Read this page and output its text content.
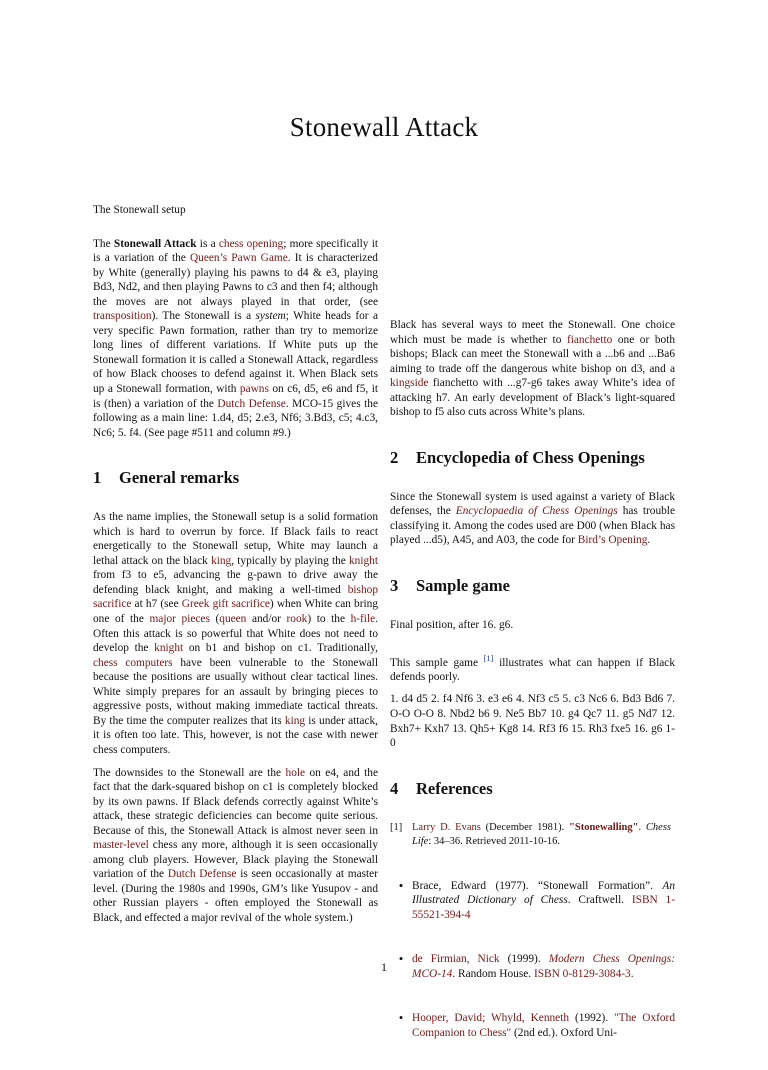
Stonewall Attack

The Stonewall setup

The Stonewall Attack is a chess opening; more specifically it is a variation of the Queen’s Pawn Game. It is characterized by White (generally) playing his pawns to d4 & e3, playing Bd3, Nd2, and then playing Pawns to c3 and then f4; although the moves are not always played in that order, (see transposition). The Stonewall is a system; White heads for a very specific Pawn formation, rather than try to memorize long lines of different variations. If White puts up the Stonewall formation it is called a Stonewall Attack, regardless of how Black chooses to defend against it. When Black sets up a Stonewall formation, with pawns on c6, d5, e6 and f5, it is (then) a variation of the Dutch Defense. MCO-15 gives the following as a main line: 1.d4, d5; 2.e3, Nf6; 3.Bd3, c5; 4.c3, Nc6; 5. f4. (See page #511 and column #9.)

1 General remarks

As the name implies, the Stonewall setup is a solid formation which is hard to overrun by force. If Black fails to react energetically to the Stonewall setup, White may launch a lethal attack on the black king, typically by playing the knight from f3 to e5, advancing the g-pawn to drive away the defending black knight, and making a well-timed bishop sacrifice at h7 (see Greek gift sacrifice) when White can bring one of the major pieces (queen and/or rook) to the h-file. Often this attack is so powerful that White does not need to develop the knight on b1 and bishop on c1. Traditionally, chess computers have been vulnerable to the Stonewall because the positions are usually without clear tactical lines. White simply prepares for an assault by bringing pieces to aggressive posts, without making immediate tactical threats. By the time the computer realizes that its king is under attack, it is often too late. This, however, is not the case with newer chess computers.

The downsides to the Stonewall are the hole on e4, and the fact that the dark-squared bishop on c1 is completely blocked by its own pawns. If Black defends correctly against White’s attack, these strategic deficiencies can become quite serious. Because of this, the Stonewall Attack is almost never seen in master-level chess any more, although it is seen occasionally among club players. However, Black playing the Stonewall variation of the Dutch Defense is seen occasionally at master level. (During the 1980s and 1990s, GM’s like Yusupov - and other Russian players - often employed the Stonewall as Black, and effected a major revival of the whole system.)

Black has several ways to meet the Stonewall. One choice which must be made is whether to fianchetto one or both bishops; Black can meet the Stonewall with a ...b6 and ...Ba6 aiming to trade off the dangerous white bishop on d3, and a kingside fianchetto with ...g7-g6 takes away White’s idea of attacking h7. An early development of Black’s light-squared bishop to f5 also cuts across White’s plans.

2 Encyclopedia of Chess Openings

Since the Stonewall system is used against a variety of Black defenses, the Encyclopaedia of Chess Openings has trouble classifying it. Among the codes used are D00 (when Black has played ...d5), A45, and A03, the code for Bird’s Opening.

3 Sample game

Final position, after 16. g6.

This sample game [1] illustrates what can happen if Black defends poorly.

1. d4 d5 2. f4 Nf6 3. e3 e6 4. Nf3 c5 5. c3 Nc6 6. Bd3 Bd6 7. O-O O-O 8. Nbd2 b6 9. Ne5 Bb7 10. g4 Qc7 11. g5 Nd7 12. Bxh7+ Kxh7 13. Qh5+ Kg8 14. Rf3 f6 15. Rh3 fxe5 16. g6 1-0

4 References
[1] Larry D. Evans (December 1981). "Stonewalling". Chess Life: 34–36. Retrieved 2011-10-16.
• Brace, Edward (1977). “Stonewall Formation”. An Illustrated Dictionary of Chess. Craftwell. ISBN 1-55521-394-4
• de Firmian, Nick (1999). Modern Chess Openings: MCO-14. Random House. ISBN 0-8129-3084-3.
• Hooper, David; Whyld, Kenneth (1992). "The Oxford Companion to Chess" (2nd ed.). Oxford Uni-
1
